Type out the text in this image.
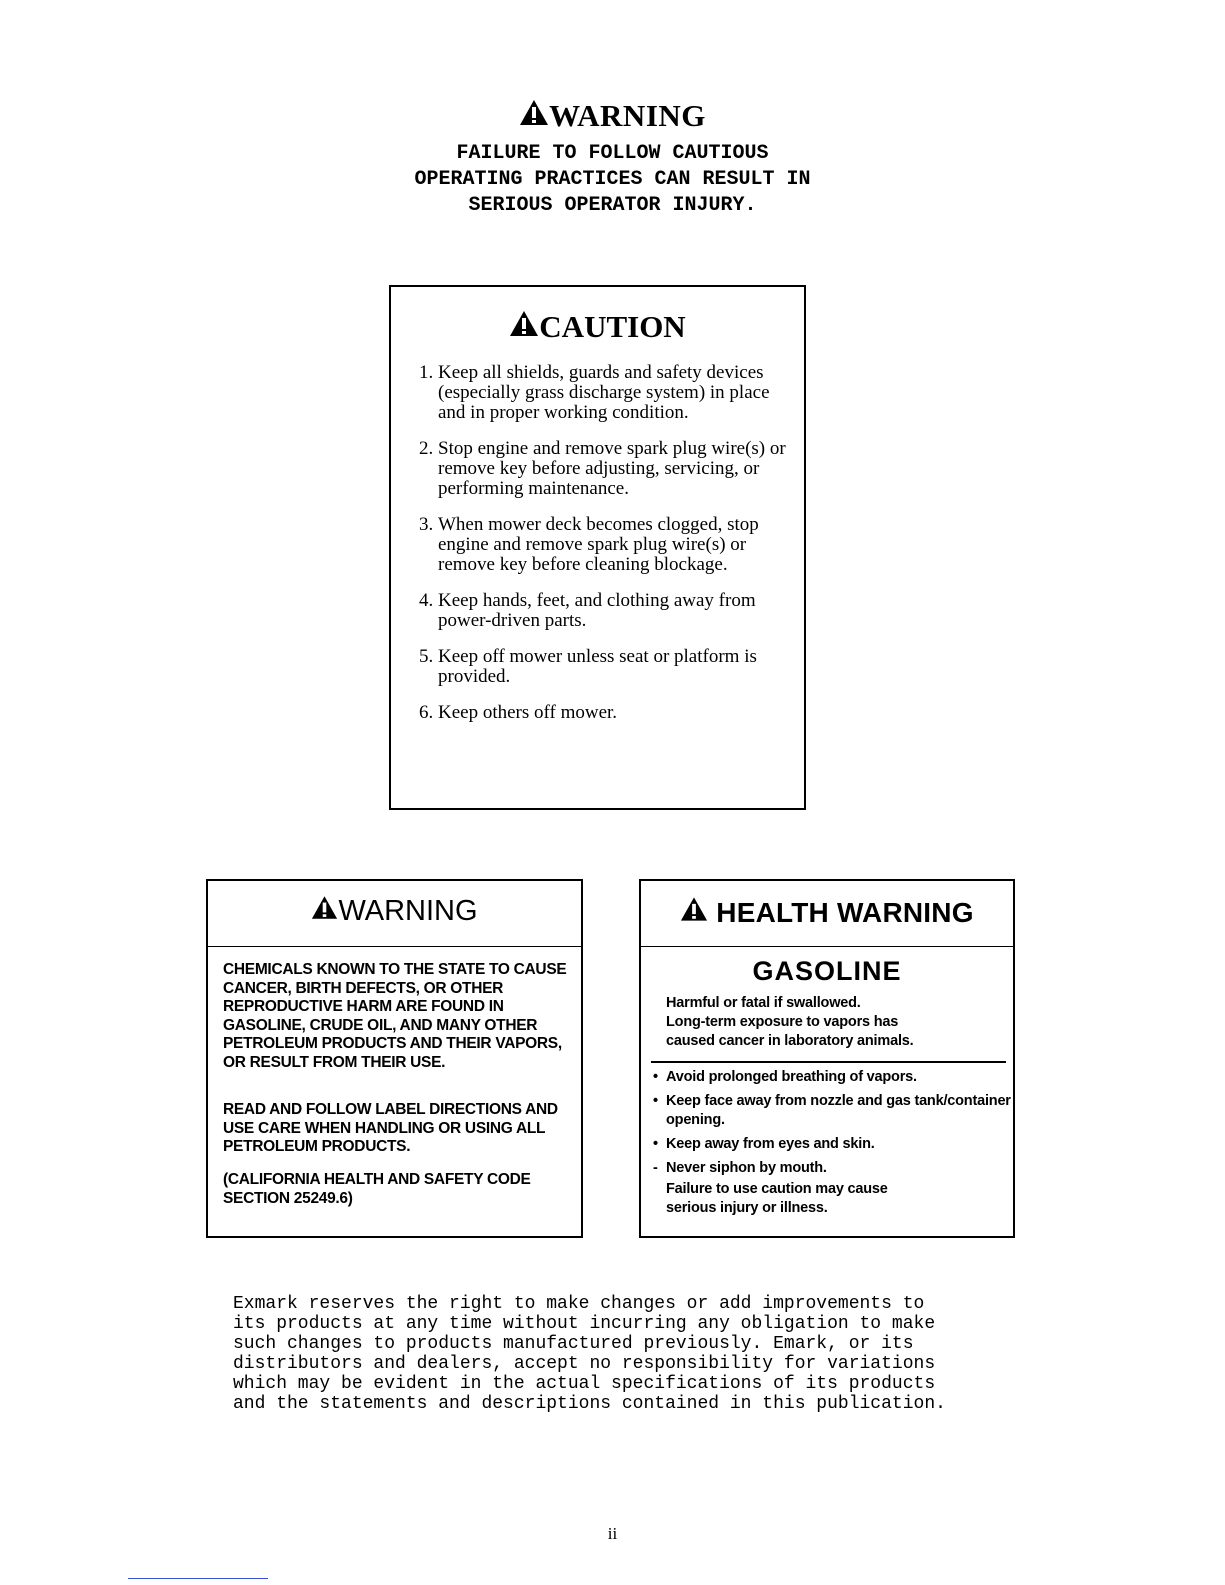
WARNING
FAILURE TO FOLLOW CAUTIOUS
OPERATING PRACTICES CAN RESULT IN
SERIOUS OPERATOR INJURY.
CAUTION
1. Keep all shields, guards and safety devices (especially grass discharge system) in place and in proper working condition.
2. Stop engine and remove spark plug wire(s) or remove key before adjusting, servicing, or performing maintenance.
3. When mower deck becomes clogged, stop engine and remove spark plug wire(s) or remove key before cleaning blockage.
4. Keep hands, feet, and clothing away from power-driven parts.
5. Keep off mower unless seat or platform is provided.
6. Keep others off mower.
WARNING

CHEMICALS KNOWN TO THE STATE TO CAUSE CANCER, BIRTH DEFECTS, OR OTHER REPRODUCTIVE HARM ARE FOUND IN GASOLINE, CRUDE OIL, AND MANY OTHER PETROLEUM PRODUCTS AND THEIR VAPORS, OR RESULT FROM THEIR USE.

READ AND FOLLOW LABEL DIRECTIONS AND USE CARE WHEN HANDLING OR USING ALL PETROLEUM PRODUCTS.

(CALIFORNIA HEALTH AND SAFETY CODE SECTION 25249.6)

HEALTH WARNING
GASOLINE
Harmful or fatal if swallowed.
Long-term exposure to vapors has
caused cancer in laboratory animals.
• Avoid prolonged breathing of vapors.
• Keep face away from nozzle and gas tank/container opening.
• Keep away from eyes and skin.
- Never siphon by mouth.
Failure to use caution may cause
serious injury or illness.
Exmark reserves the right to make changes or add improvements to
its products at any time without incurring any obligation to make
such changes to products manufactured previously. Emark, or its
distributors and dealers, accept no responsibility for variations
which may be evident in the actual specifications of its products
and the statements and descriptions contained in this publication.
ii
